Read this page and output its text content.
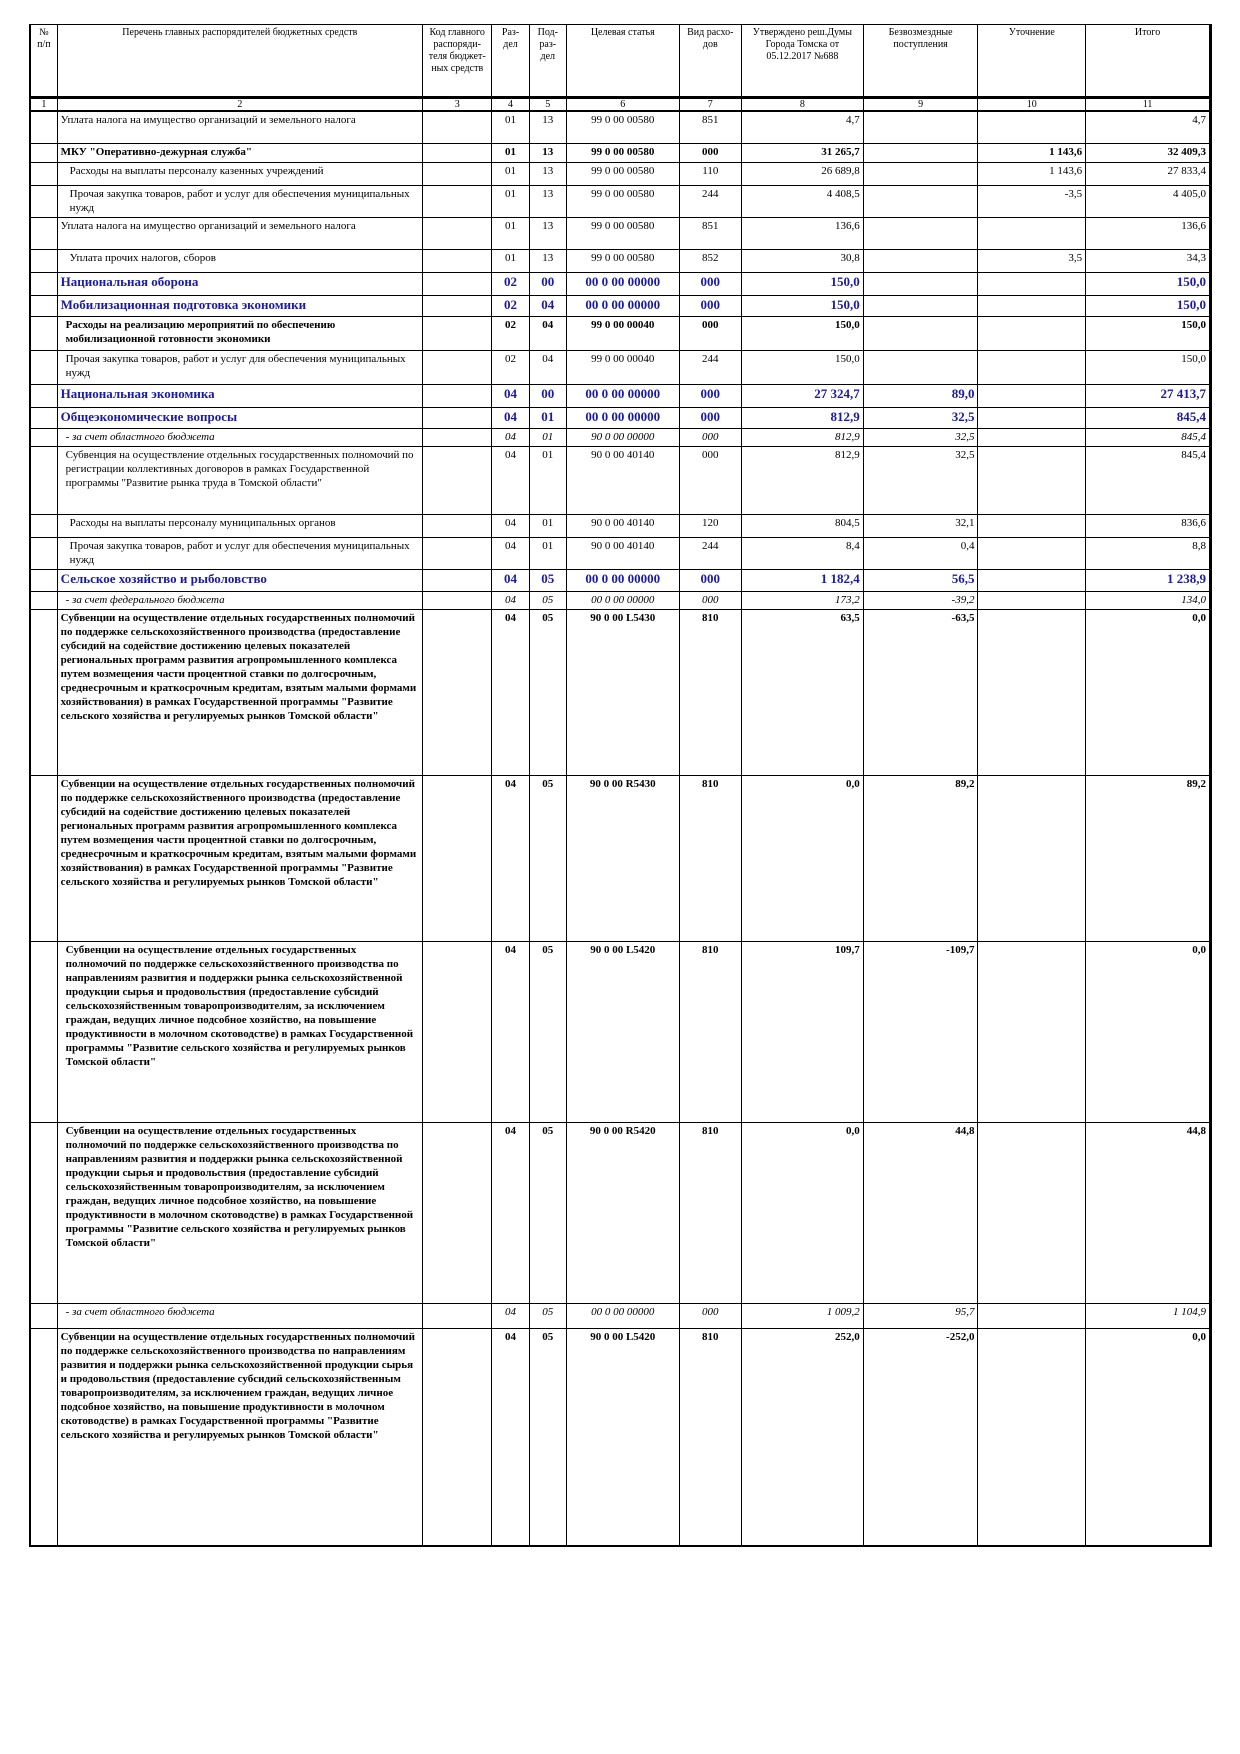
№ п/п	Перечень главных распорядителей бюджетных средств	Код главного распоряди- теля бюджет- ных средств	Раз- дел	Под- раз- дел	Целевая статья	Вид расхо- дов	Утверждено реш.Думы Города Томска от 05.12.2017 №688	Безвозмездные поступления	Уточнение	Итого
1	2	3	4	5	6	7	8	9	10	11
	Уплата налога на имущество организаций и земельного налога		01	13	99 0 00 00580	851	4,7			4,7
	МКУ "Оперативно-дежурная служба"		01	13	99 0 00 00580	000	31 265,7		1 143,6	32 409,3
	Расходы на выплаты персоналу казенных учреждений		01	13	99 0 00 00580	110	26 689,8		1 143,6	27 833,4
	Прочая закупка товаров, работ и услуг для обеспечения муниципальных нужд		01	13	99 0 00 00580	244	4 408,5		-3,5	4 405,0
	Уплата налога на имущество организаций и земельного налога		01	13	99 0 00 00580	851	136,6			136,6
	Уплата прочих налогов, сборов		01	13	99 0 00 00580	852	30,8		3,5	34,3
	Национальная оборона		02	00	00 0 00 00000	000	150,0			150,0
	Мобилизационная подготовка экономики		02	04	00 0 00 00000	000	150,0			150,0
	Расходы на реализацию мероприятий по обеспечению мобилизационной готовности экономики		02	04	99 0 00 00040	000	150,0			150,0
	Прочая закупка товаров, работ и услуг для обеспечения муниципальных нужд		02	04	99 0 00 00040	244	150,0			150,0
	Национальная экономика		04	00	00 0 00 00000	000	27 324,7	89,0		27 413,7
	Общеэкономические вопросы		04	01	00 0 00 00000	000	812,9	32,5		845,4
	- за счет областного бюджета		04	01	90 0 00 00000	000	812,9	32,5		845,4
	Субвенция на осуществление отдельных государственных полномочий по регистрации коллективных договоров в рамках Государственной программы "Развитие рынка труда в Томской области"		04	01	90 0 00 40140	000	812,9	32,5		845,4
	Расходы на выплаты персоналу муниципальных органов		04	01	90 0 00 40140	120	804,5	32,1		836,6
	Прочая закупка товаров, работ и услуг для обеспечения муниципальных нужд		04	01	90 0 00 40140	244	8,4	0,4		8,8
	Сельское хозяйство и рыболовство		04	05	00 0 00 00000	000	1 182,4	56,5		1 238,9
	- за счет федерального бюджета		04	05	00 0 00 00000	000	173,2	-39,2		134,0
	Субвенции на осуществление отдельных государственных полномочий по поддержке сельскохозяйственного производства (предоставление субсидий на содействие достижению целевых показателей региональных программ развития агропромышленного комплекса путем возмещения части процентной ставки по долгосрочным, среднесрочным и краткосрочным кредитам, взятым малыми формами хозяйствования) в рамках Государственной программы "Развитие сельского хозяйства и регулируемых рынков Томской области"		04	05	90 0 00 L5430	810	63,5	-63,5		0,0
	Субвенции на осуществление отдельных государственных полномочий по поддержке сельскохозяйственного производства (предоставление субсидий на содействие достижению целевых показателей региональных программ развития агропромышленного комплекса путем возмещения части процентной ставки по долгосрочным, среднесрочным и краткосрочным кредитам, взятым малыми формами хозяйствования) в рамках Государственной программы "Развитие сельского хозяйства и регулируемых рынков Томской области"		04	05	90 0 00 R5430	810	0,0	89,2		89,2
	Субвенции на осуществление отдельных государственных полномочий по поддержке сельскохозяйственного производства по направлениям развития и поддержки рынка сельскохозяйственной продукции сырья и продовольствия (предоставление субсидий сельскохозяйственным товаропроизводителям, за исключением граждан, ведущих личное подсобное хозяйство, на повышение продуктивности в молочном скотоводстве) в рамках Государственной программы "Развитие сельского хозяйства и регулируемых рынков Томской области"		04	05	90 0 00 L5420	810	109,7	-109,7		0,0
	Субвенции на осуществление отдельных государственных полномочий по поддержке сельскохозяйственного производства по направлениям развития и поддержки рынка сельскохозяйственной продукции сырья и продовольствия (предоставление субсидий сельскохозяйственным товаропроизводителям, за исключением граждан, ведущих личное подсобное хозяйство, на повышение продуктивности в молочном скотоводстве) в рамках Государственной программы "Развитие сельского хозяйства и регулируемых рынков Томской области"		04	05	90 0 00 R5420	810	0,0	44,8		44,8
	- за счет областного бюджета		04	05	00 0 00 00000	000	1 009,2	95,7		1 104,9
	Субвенции на осуществление отдельных государственных полномочий по поддержке сельскохозяйственного производства по направлениям развития и поддержки рынка сельскохозяйственной продукции сырья и продовольствия (предоставление субсидий сельскохозяйственным товаропроизводителям, за исключением граждан, ведущих личное подсобное хозяйство, на повышение продуктивности в молочном скотоводстве) в рамках Государственной программы "Развитие сельского хозяйства и регулируемых рынков Томской области"		04	05	90 0 00 L5420	810	252,0	-252,0		0,0
